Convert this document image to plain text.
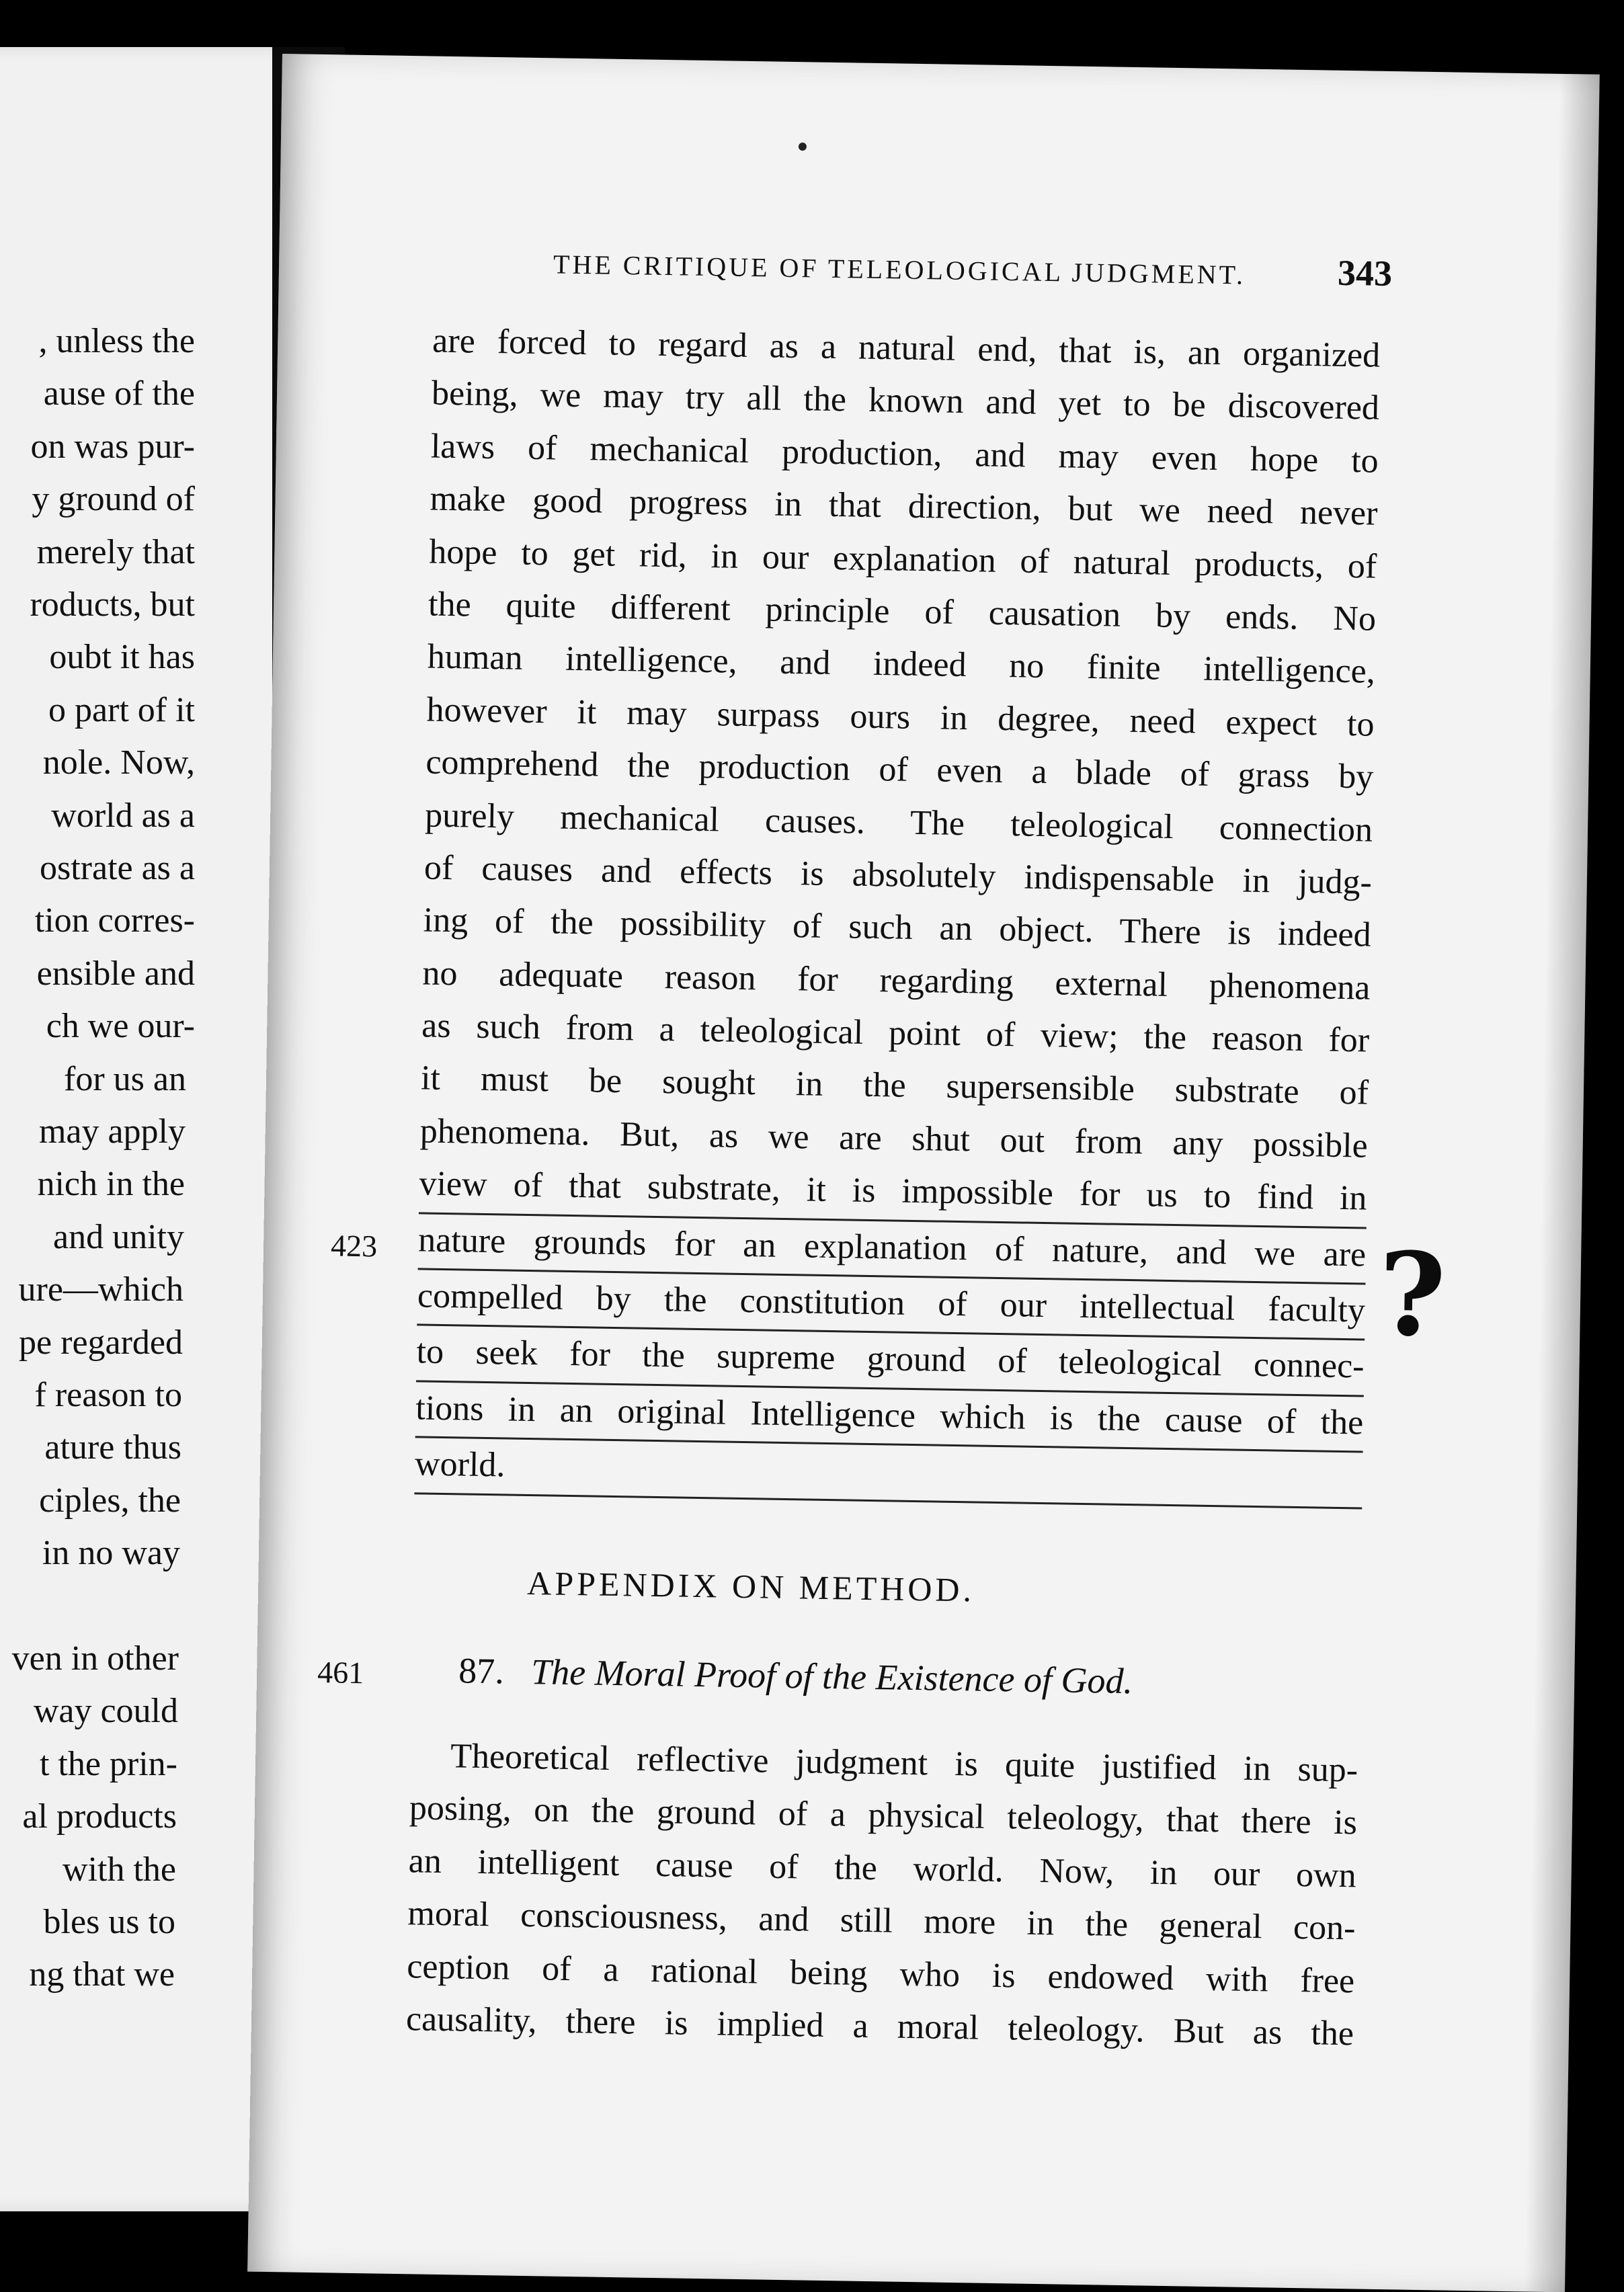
, unless the
ause of the
on was pur-
y ground of
merely that
roducts, but
oubt it has
o part of it
nole. Now,
world as a
ostrate as a
tion corres-
ensible and
ch we our-
for us an
may apply
nich in the
and unity
ure—which
pe regarded
f reason to
ature thus
ciples, the
in no way
ven in other
way could
t the prin-
al products
with the
bles us to
ng that we
THE CRITIQUE OF TELEOLOGICAL JUDGMENT.	343
are forced to regard as a natural end, that is, an organized
being, we may try all the known and yet to be discovered
laws of mechanical production, and may even hope to
make good progress in that direction, but we need never
hope to get rid, in our explanation of natural products, of
the quite different principle of causation by ends. No
human intelligence, and indeed no finite intelligence,
however it may surpass ours in degree, need expect to
comprehend the production of even a blade of grass by
purely mechanical causes. The teleological connection
of causes and effects is absolutely indispensable in judg-
ing of the possibility of such an object. There is indeed
no adequate reason for regarding external phenomena
as such from a teleological point of view; the reason for
it must be sought in the supersensible substrate of
phenomena. But, as we are shut out from any possible
view of that substrate, it is impossible for us to find in
nature grounds for an explanation of nature, and we are
compelled by the constitution of our intellectual faculty
to seek for the supreme ground of teleological connec-
tions in an original Intelligence which is the cause of the
world.
423	?
APPENDIX ON METHOD.
461	87. The Moral Proof of the Existence of God.
Theoretical reflective judgment is quite justified in sup-
posing, on the ground of a physical teleology, that there is
an intelligent cause of the world. Now, in our own
moral consciousness, and still more in the general con-
ception of a rational being who is endowed with free
causality, there is implied a moral teleology. But as the
